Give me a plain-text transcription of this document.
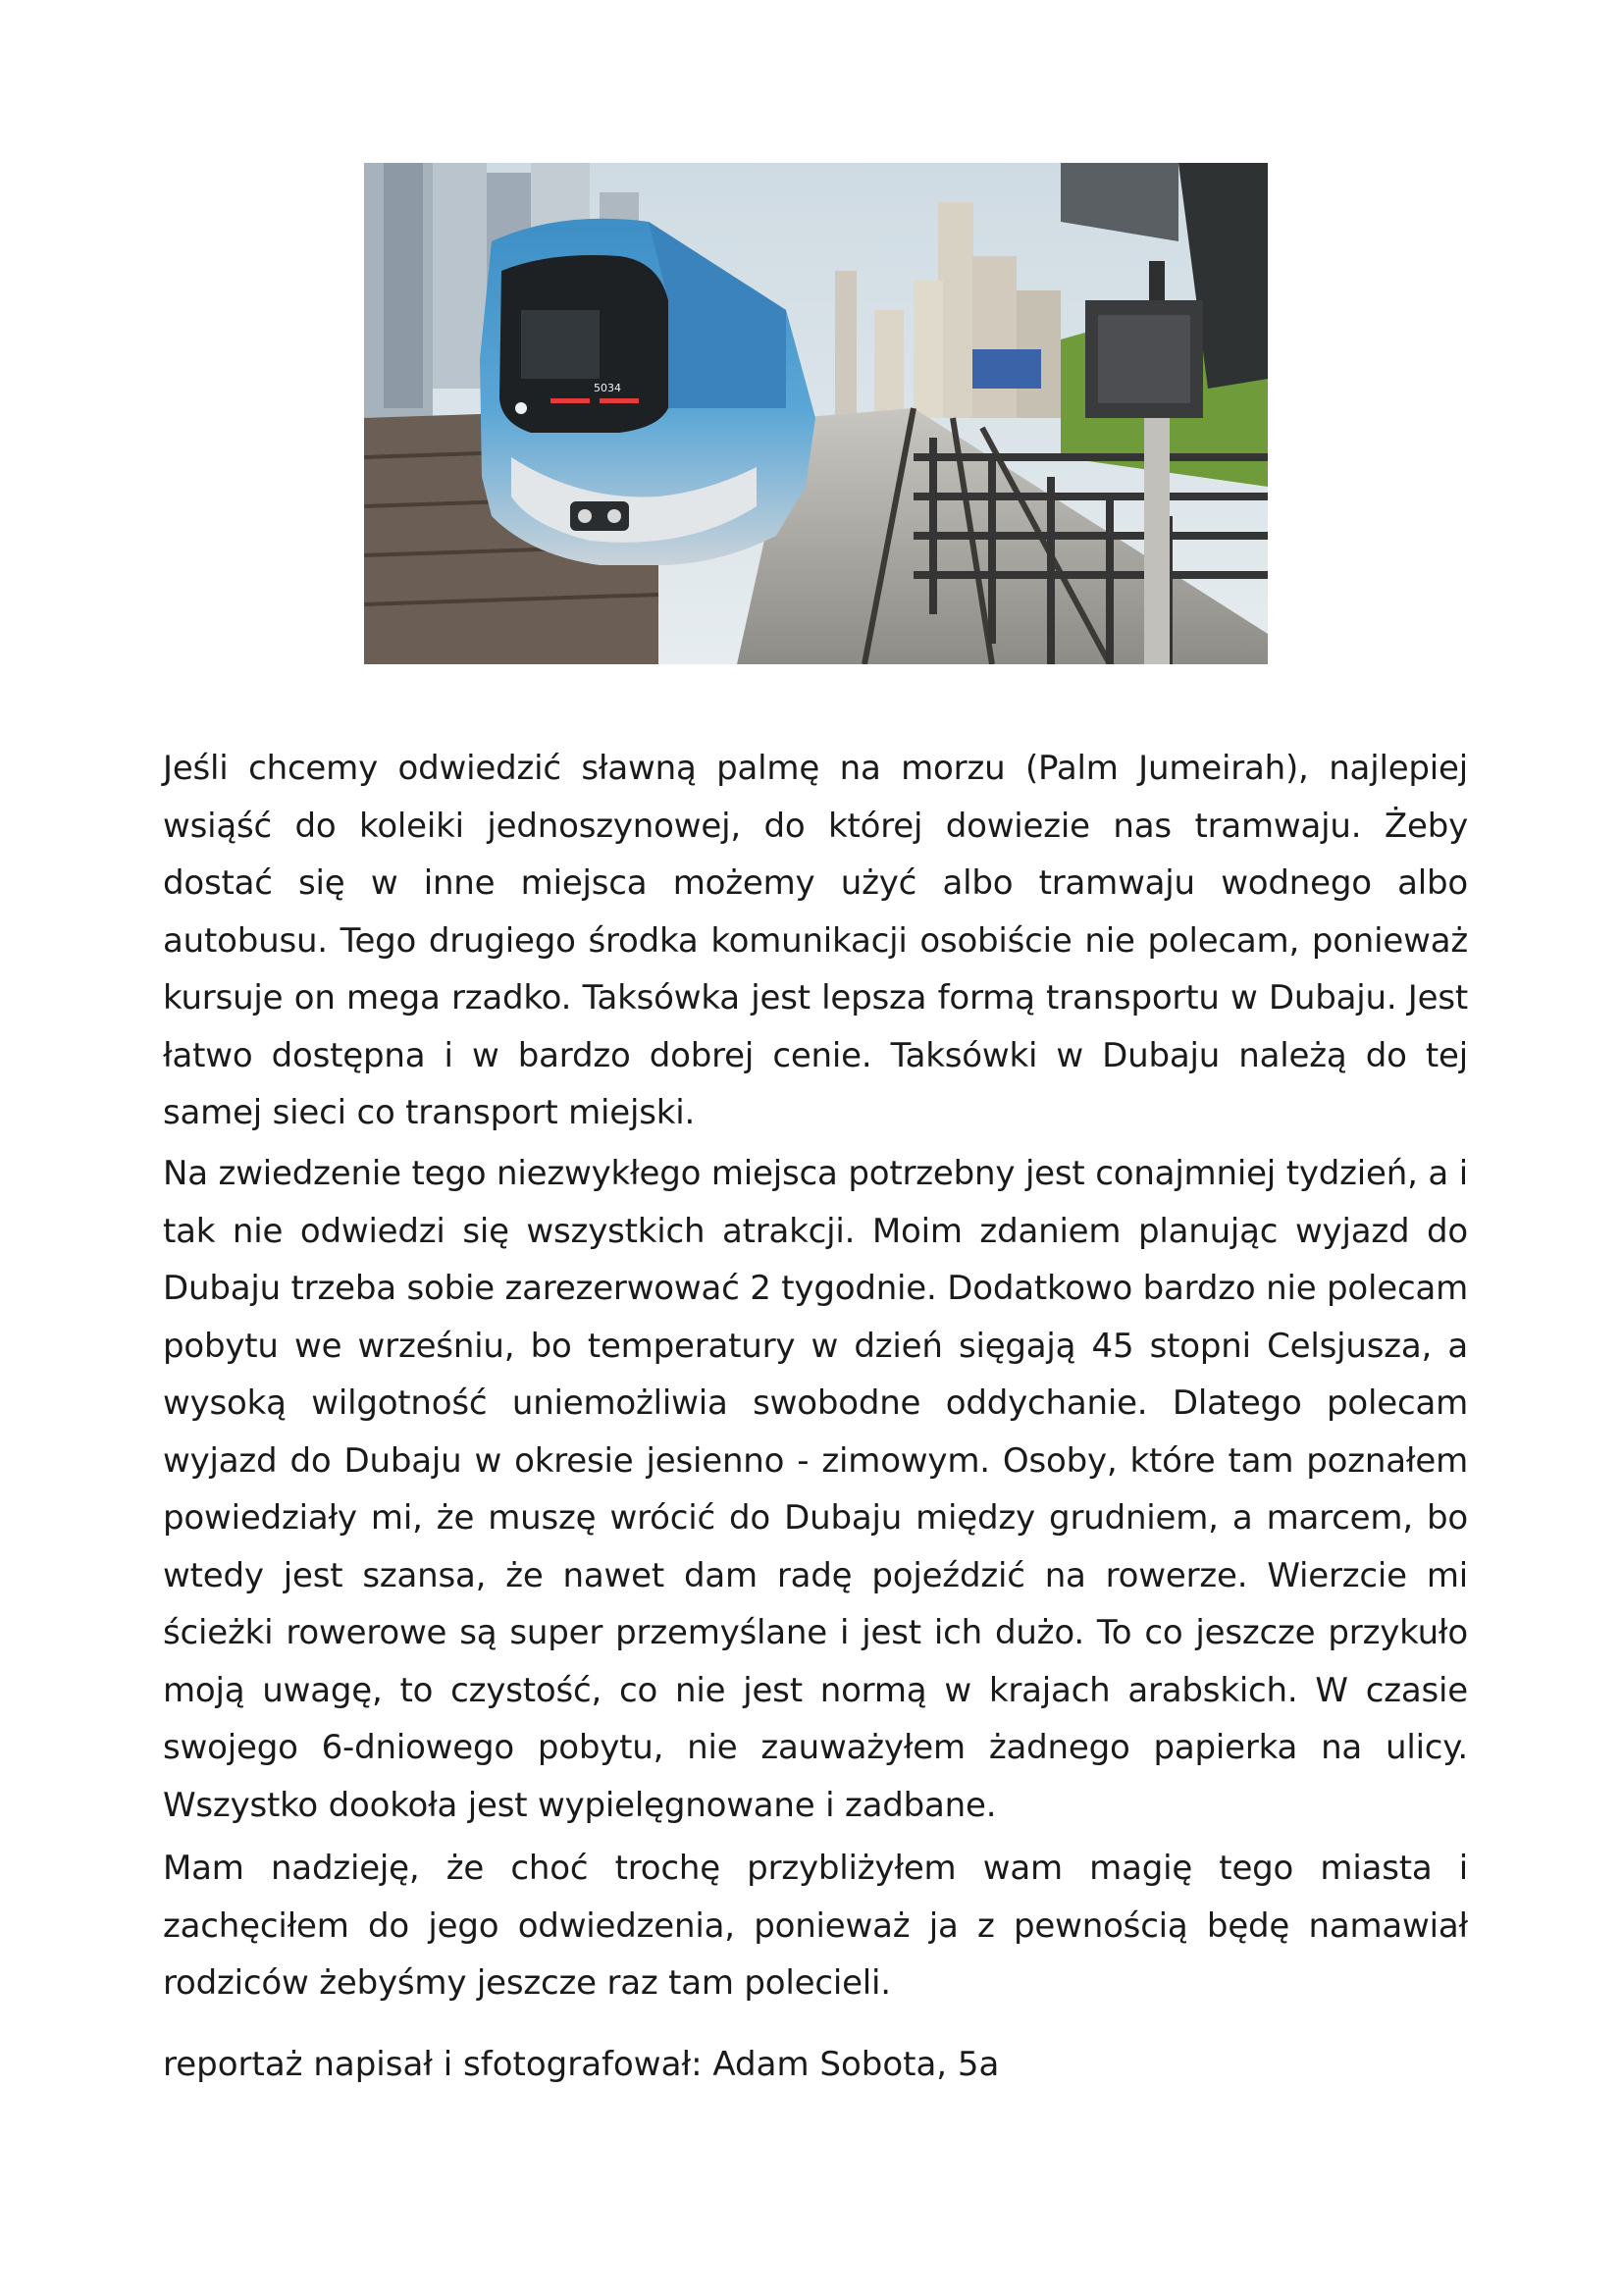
5034

Jeśli chcemy odwiedzić sławną palmę na morzu (Palm Jumeirah), najlepiej wsiąść do koleiki jednoszynowej, do której dowiezie nas tramwaju. Żeby dostać się w inne miejsca możemy użyć albo tramwaju wodnego albo autobusu. Tego drugiego środka komunikacji osobiście nie polecam, ponieważ kursuje on mega rzadko. Taksówka jest lepsza formą transportu w Dubaju. Jest łatwo dostępna i w bardzo dobrej cenie. Taksówki w Dubaju należą do tej samej sieci co transport miejski.

Na zwiedzenie tego niezwykłego miejsca potrzebny jest conajmniej tydzień, a i tak nie odwiedzi się wszystkich atrakcji. Moim zdaniem planując wyjazd do Dubaju trzeba sobie zarezerwować 2 tygodnie. Dodatkowo bardzo nie polecam pobytu we wrześniu, bo temperatury w dzień sięgają 45 stopni Celsjusza, a wysoką wilgotność uniemożliwia swobodne oddychanie. Dlatego polecam wyjazd do Dubaju w okresie jesienno - zimowym. Osoby, które tam poznałem powiedziały mi, że muszę wrócić do Dubaju między grudniem, a marcem, bo wtedy jest szansa, że nawet dam radę pojeździć na rowerze. Wierzcie mi ścieżki rowerowe są super przemyślane i jest ich dużo. To co jeszcze przykuło moją uwagę, to czystość, co nie jest normą w krajach arabskich. W czasie swojego 6-dniowego pobytu, nie zauważyłem żadnego papierka na ulicy. Wszystko dookoła jest wypielęgnowane i zadbane.

Mam nadzieję, że choć trochę przybliżyłem wam magię tego miasta i zachęciłem do jego odwiedzenia, ponieważ ja z pewnością będę namawiał rodziców żebyśmy jeszcze raz tam polecieli.

reportaż napisał i sfotografował: Adam Sobota, 5a
